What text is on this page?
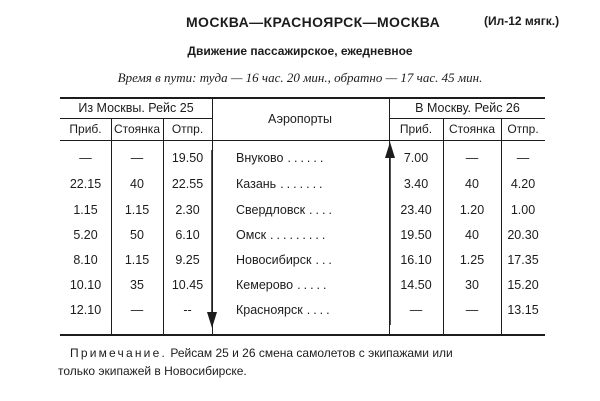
МОСКВА—КРАСНОЯРСК—МОСКВА	(Ил-12 мягк.)
Движение пассажирское, ежедневное
Время в пути: туда — 16 час. 20 мин., обратно — 17 час. 45 мин.
Из Москвы. Рейс 25	В Москву. Рейс 26
Аэропорты
Приб.	Стоянка Отпр.	Приб.	Стоянка	Отпр.
—	—	19.50	Внуково ......	7.00	—	—
22.15	40	22.55	Казань .......	3.40	40	4.20
1.15	1.15	2.30	Свердловск ....	23.40	1.20	1.00
5.20	50	6.10	Омск .........	19.50	40	20.30
8.10	1.15	9.25	Новосибирск ...	16.10	1.25	17.35
10.10	35	10.45	Кемерово .....	14.50	30	15.20
12.10	—	--	Красноярск ....	—	—	13.15
Примечание. Рейсам 25 и 26 смена самолетов с экипажами или
только экипажей в Новосибирске.
